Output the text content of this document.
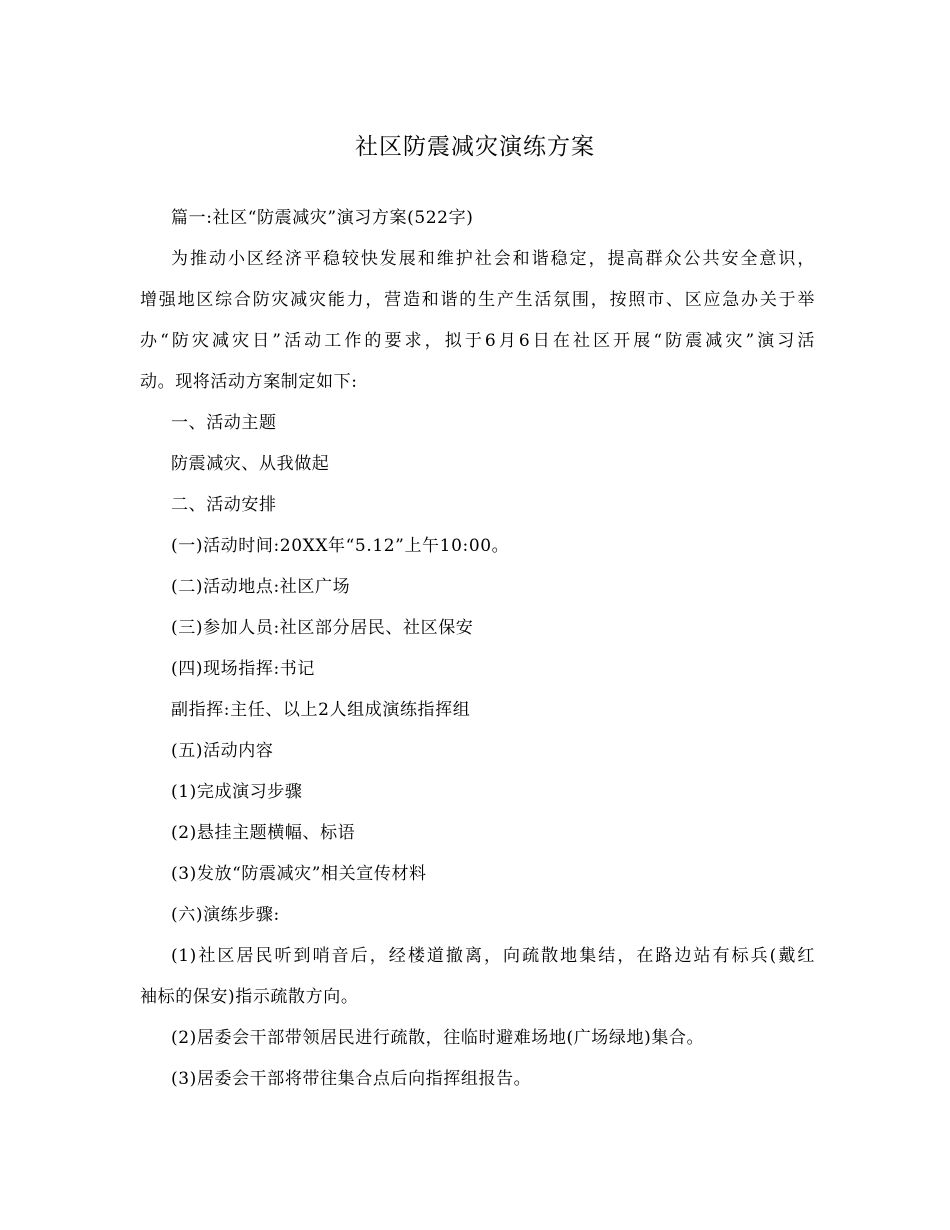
社区防震减灾演练方案

篇一:社区“防震减灾”演习方案(522字)

为推动小区经济平稳较快发展和维护社会和谐稳定，提高群众公共安全意识，
增强地区综合防灾减灾能力，营造和谐的生产生活氛围，按照市、区应急办关于举
办“防灾减灾日”活动工作的要求，拟于6月6日在社区开展“防震减灾”演习活
动。现将活动方案制定如下:

一、活动主题

防震减灾、从我做起

二、活动安排

(一)活动时间:20XX年“5.12”上午10:00。

(二)活动地点:社区广场

(三)参加人员:社区部分居民、社区保安

(四)现场指挥:书记

副指挥:主任、以上2人组成演练指挥组

(五)活动内容

(1)完成演习步骤

(2)悬挂主题横幅、标语

(3)发放“防震减灾”相关宣传材料

(六)演练步骤:

(1)社区居民听到哨音后，经楼道撤离，向疏散地集结，在路边站有标兵(戴红
袖标的保安)指示疏散方向。

(2)居委会干部带领居民进行疏散，往临时避难场地(广场绿地)集合。

(3)居委会干部将带往集合点后向指挥组报告。
